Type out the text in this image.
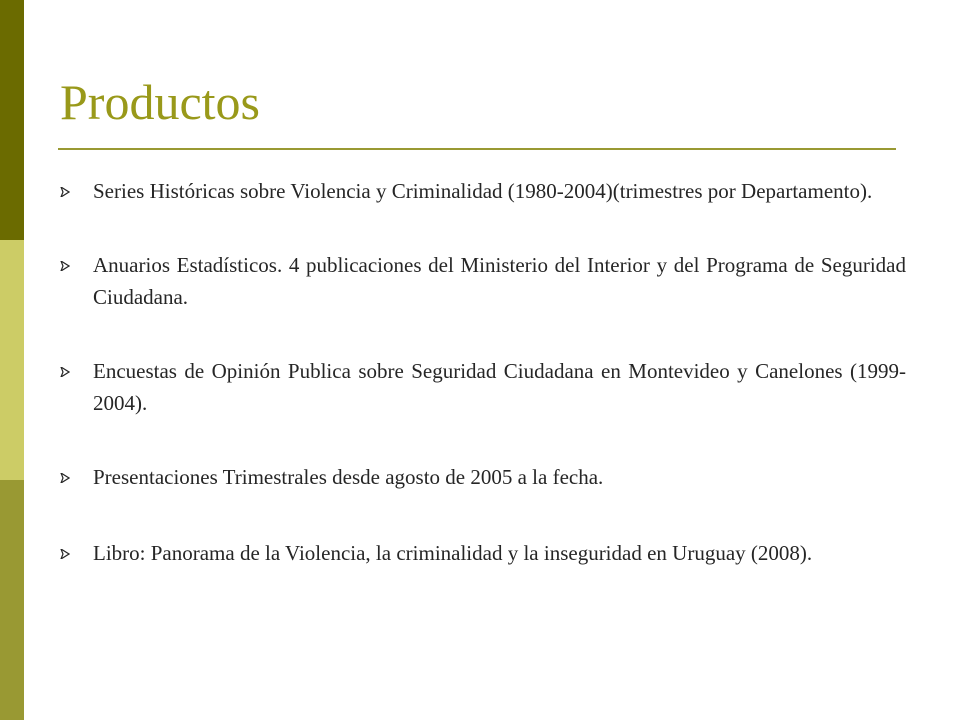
Productos
Series Históricas sobre Violencia y Criminalidad (1980-2004)(trimestres por Departamento).
Anuarios Estadísticos. 4 publicaciones del Ministerio del Interior y del Programa de Seguridad Ciudadana.
Encuestas de Opinión Publica sobre Seguridad Ciudadana en Montevideo y Canelones (1999-2004).
Presentaciones Trimestrales desde agosto de 2005 a la fecha.
Libro: Panorama de la Violencia, la criminalidad y la inseguridad en Uruguay (2008).
